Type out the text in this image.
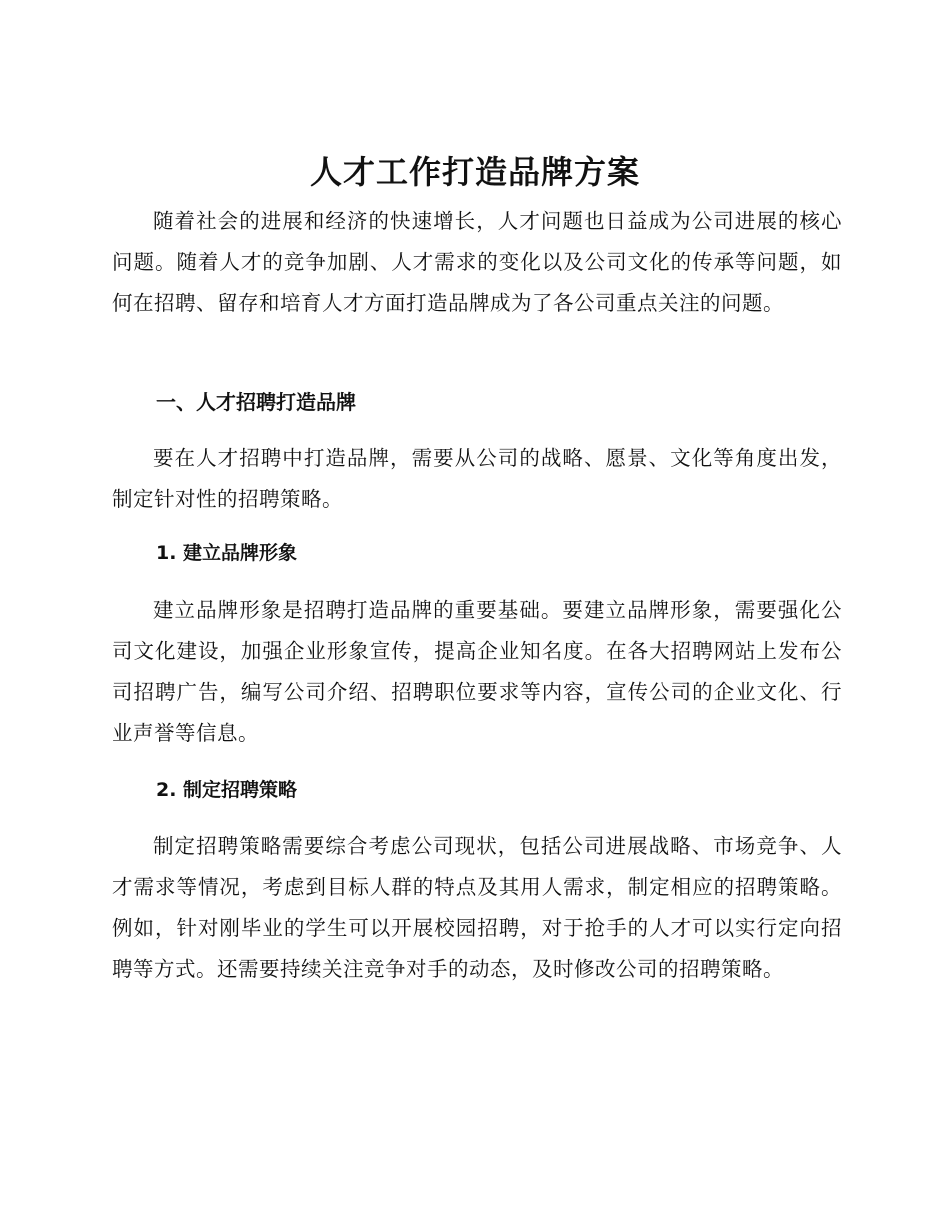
人才工作打造品牌方案

随着社会的进展和经济的快速增长，人才问题也日益成为公司进展的核心问题。随着人才的竞争加剧、人才需求的变化以及公司文化的传承等问题，如何在招聘、留存和培育人才方面打造品牌成为了各公司重点关注的问题。

一、人才招聘打造品牌

要在人才招聘中打造品牌，需要从公司的战略、愿景、文化等角度出发，制定针对性的招聘策略。

1. 建立品牌形象

建立品牌形象是招聘打造品牌的重要基础。要建立品牌形象，需要强化公司文化建设，加强企业形象宣传，提高企业知名度。在各大招聘网站上发布公司招聘广告，编写公司介绍、招聘职位要求等内容，宣传公司的企业文化、行业声誉等信息。

2. 制定招聘策略

制定招聘策略需要综合考虑公司现状，包括公司进展战略、市场竞争、人才需求等情况，考虑到目标人群的特点及其用人需求，制定相应的招聘策略。例如，针对刚毕业的学生可以开展校园招聘，对于抢手的人才可以实行定向招聘等方式。还需要持续关注竞争对手的动态，及时修改公司的招聘策略。
